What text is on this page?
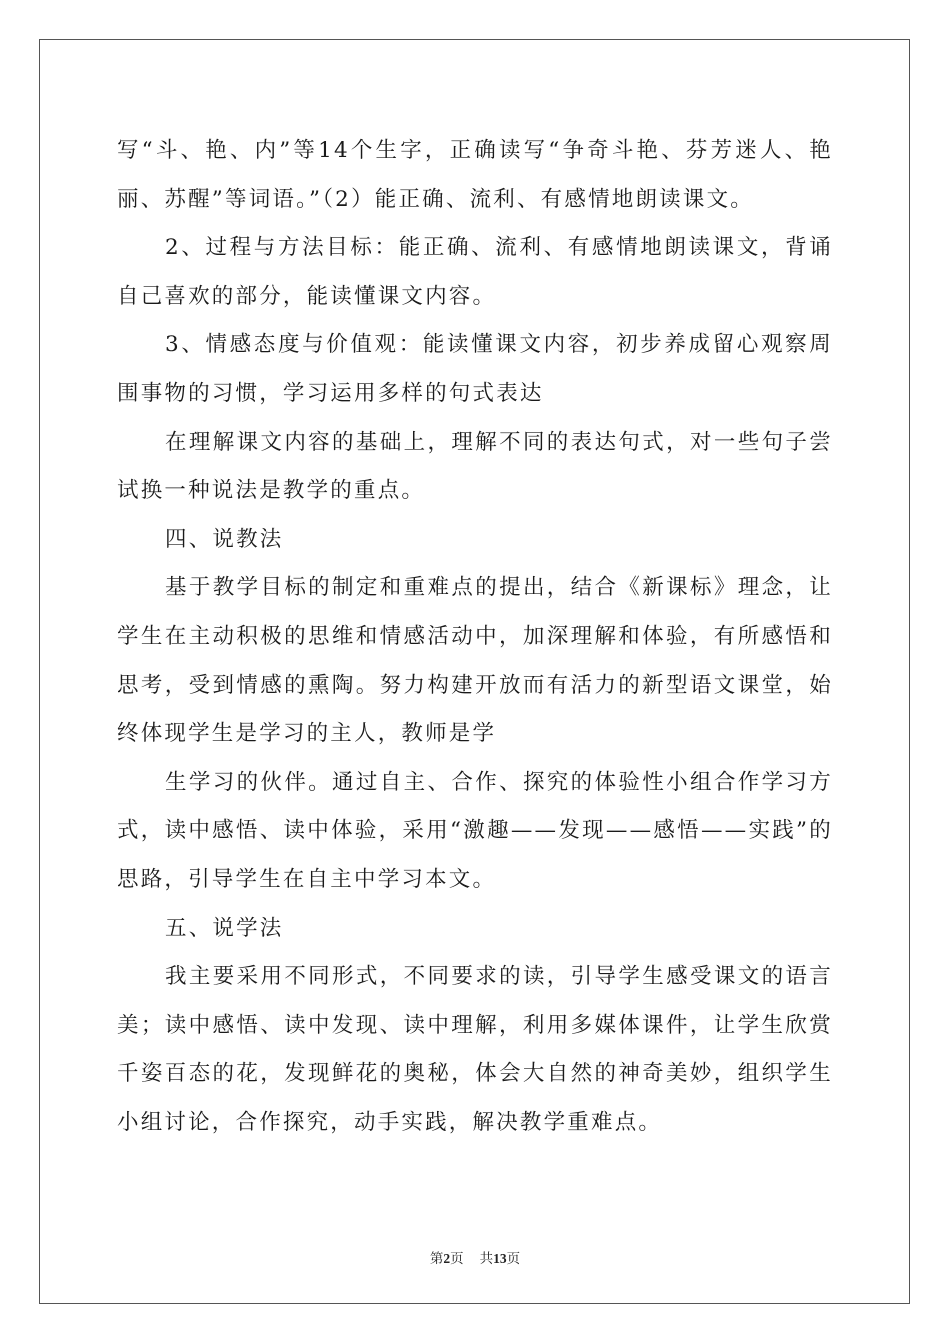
写“斗、艳、内”等14个生字，正确读写“争奇斗艳、芬芳迷人、艳丽、苏醒”等词语。”（2）能正确、流利、有感情地朗读课文。

2、过程与方法目标：能正确、流利、有感情地朗读课文，背诵自己喜欢的部分，能读懂课文内容。

3、情感态度与价值观：能读懂课文内容，初步养成留心观察周围事物的习惯，学习运用多样的句式表达

在理解课文内容的基础上，理解不同的表达句式，对一些句子尝试换一种说法是教学的重点。

四、说教法

基于教学目标的制定和重难点的提出，结合《新课标》理念，让学生在主动积极的思维和情感活动中，加深理解和体验，有所感悟和思考，受到情感的熏陶。努力构建开放而有活力的新型语文课堂，始终体现学生是学习的主人，教师是学

生学习的伙伴。通过自主、合作、探究的体验性小组合作学习方式，读中感悟、读中体验，采用“激趣——发现——感悟——实践”的思路，引导学生在自主中学习本文。

五、说学法

我主要采用不同形式，不同要求的读，引导学生感受课文的语言美；读中感悟、读中发现、读中理解，利用多媒体课件，让学生欣赏千姿百态的花，发现鲜花的奥秘，体会大自然的神奇美妙，组织学生小组讨论，合作探究，动手实践，解决教学重难点。

第2页 共13页
